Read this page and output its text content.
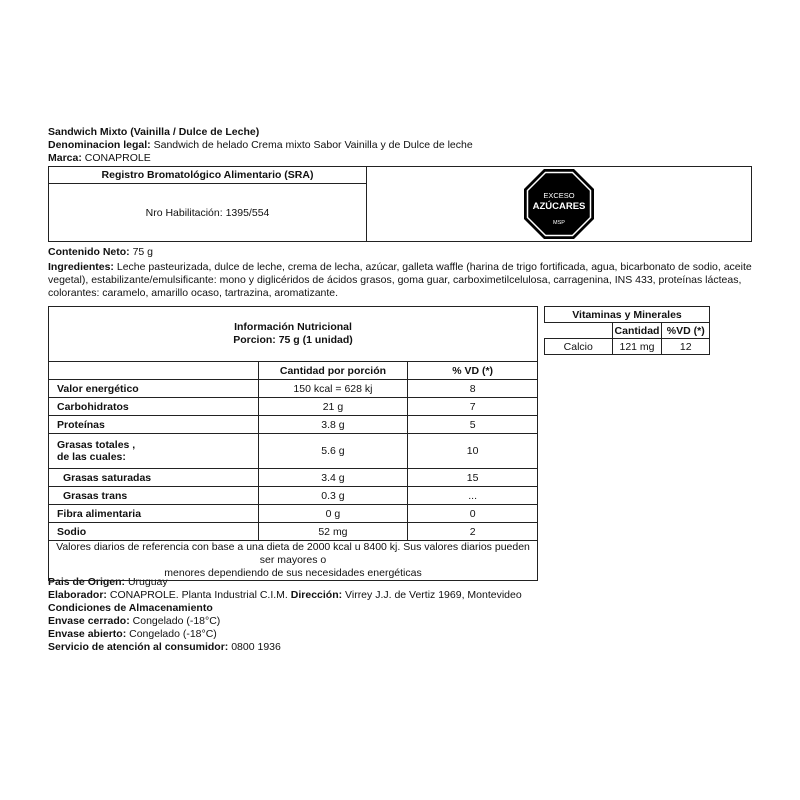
Sandwich Mixto (Vainilla / Dulce de Leche)
Denominacion legal: Sandwich de helado Crema mixto Sabor Vainilla y de Dulce de leche
Marca: CONAPROLE
Registro Bromatológico Alimentario (SRA)
Nro Habilitación: 1395/554
EXCESO
AZÚCARES
MSP
Contenido Neto: 75 g
Ingredientes: Leche pasteurizada, dulce de leche, crema de lecha, azúcar, galleta waffle (harina de trigo fortificada, agua, bicarbonato de sodio, aceite vegetal), estabilizante/emulsificante: mono y diglicéridos de ácidos grasos, goma guar, carboximetilcelulosa, carragenina, INS 433, proteínas lácteas, colorantes: caramelo, amarillo ocaso, tartrazina, aromatizante.
Información Nutricional
Porcion: 75 g (1 unidad)		

	Cantidad por porción	% VD (*)
Valor energético	150 kcal = 628 kj	8
Carbohidratos	21 g	7
Proteínas	3.8 g	5

Grasas totales ,
de las cuales:	5.6 g	10
Grasas saturadas	3.4 g	15
Grasas trans	0.3 g	...
Fibra alimentaria	0 g	0
Sodio	52 mg	2

Valores diarios de referencia con base a una dieta de 2000 kcal u 8400 kj. Sus valores diarios pueden ser mayores o
menores dependiendo de sus necesidades energéticas		
Vitaminas y Minerales		
	Cantidad	%VD (*)
Calcio	121 mg	12
Pais de Origen: Uruguay
Elaborador: CONAPROLE. Planta Industrial C.I.M. Dirección: Virrey J.J. de Vertiz 1969, Montevideo
Condiciones de Almacenamiento
Envase cerrado: Congelado (-18°C)
Envase abierto: Congelado (-18°C)
Servicio de atención al consumidor: 0800 1936
